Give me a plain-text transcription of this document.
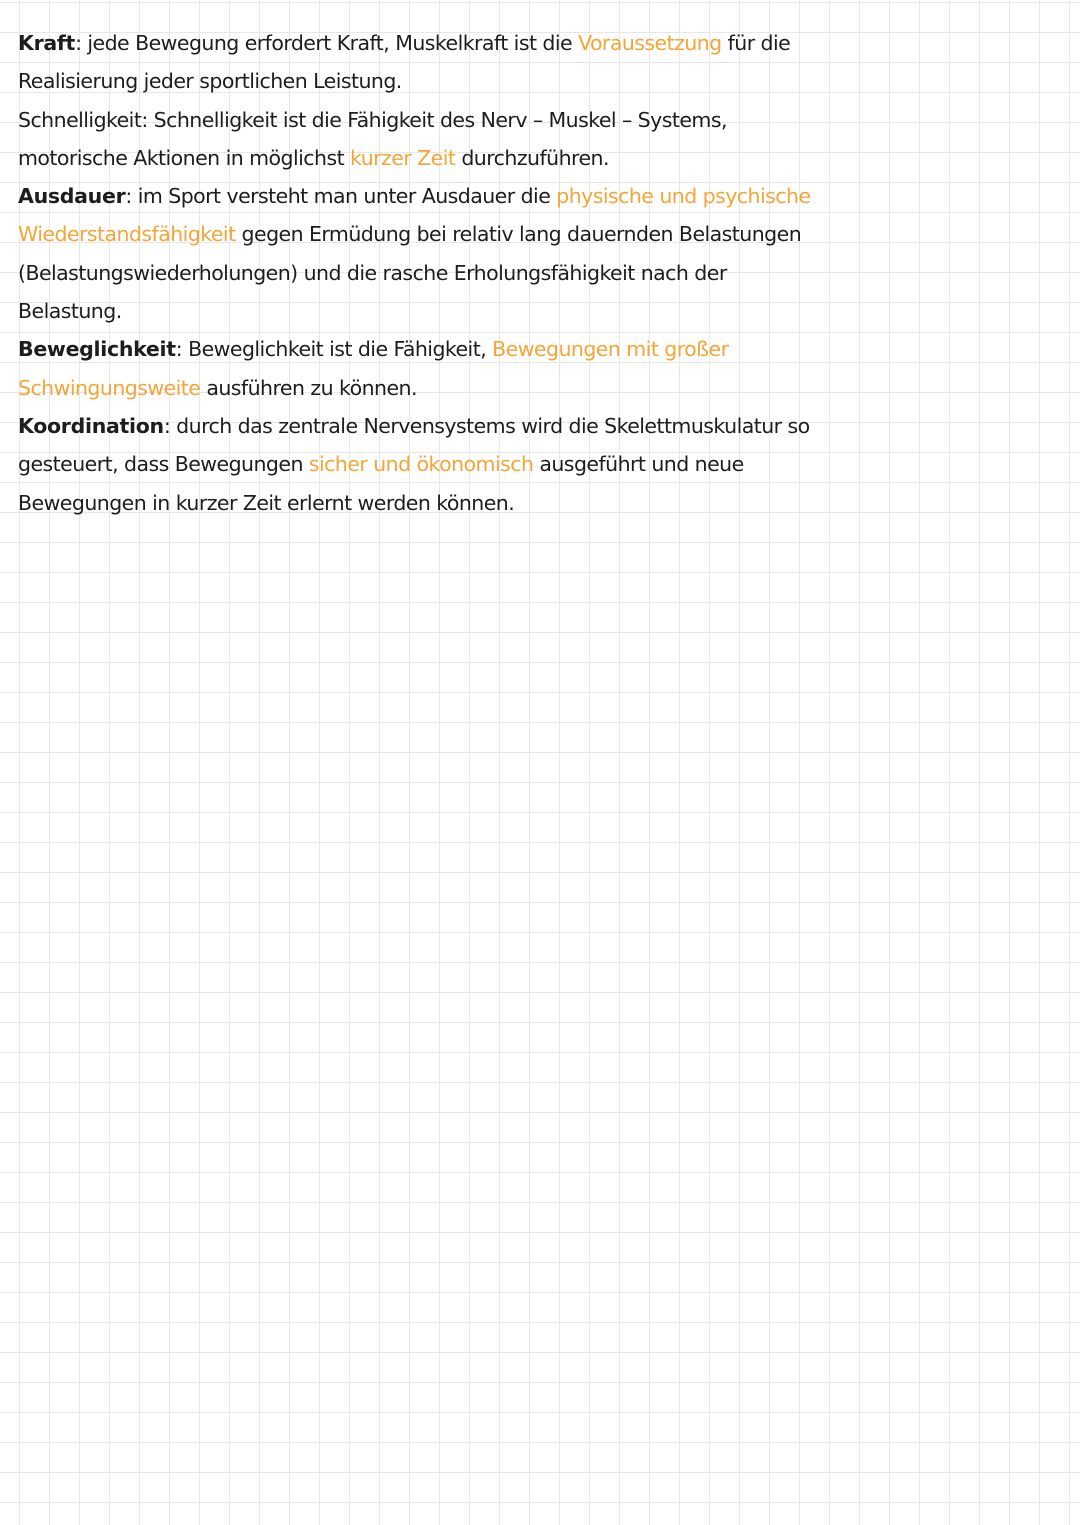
Kraft: jede Bewegung erfordert Kraft, Muskelkraft ist die Voraussetzung für die
Realisierung jeder sportlichen Leistung.
Schnelligkeit: Schnelligkeit ist die Fähigkeit des Nerv – Muskel – Systems,
motorische Aktionen in möglichst kurzer Zeit durchzuführen.
Ausdauer: im Sport versteht man unter Ausdauer die physische und psychische
Wiederstandsfähigkeit gegen Ermüdung bei relativ lang dauernden Belastungen
(Belastungswiederholungen) und die rasche Erholungsfähigkeit nach der
Belastung.
Beweglichkeit: Beweglichkeit ist die Fähigkeit, Bewegungen mit großer
Schwingungsweite ausführen zu können.
Koordination: durch das zentrale Nervensystems wird die Skelettmuskulatur so
gesteuert, dass Bewegungen sicher und ökonomisch ausgeführt und neue
Bewegungen in kurzer Zeit erlernt werden können.
